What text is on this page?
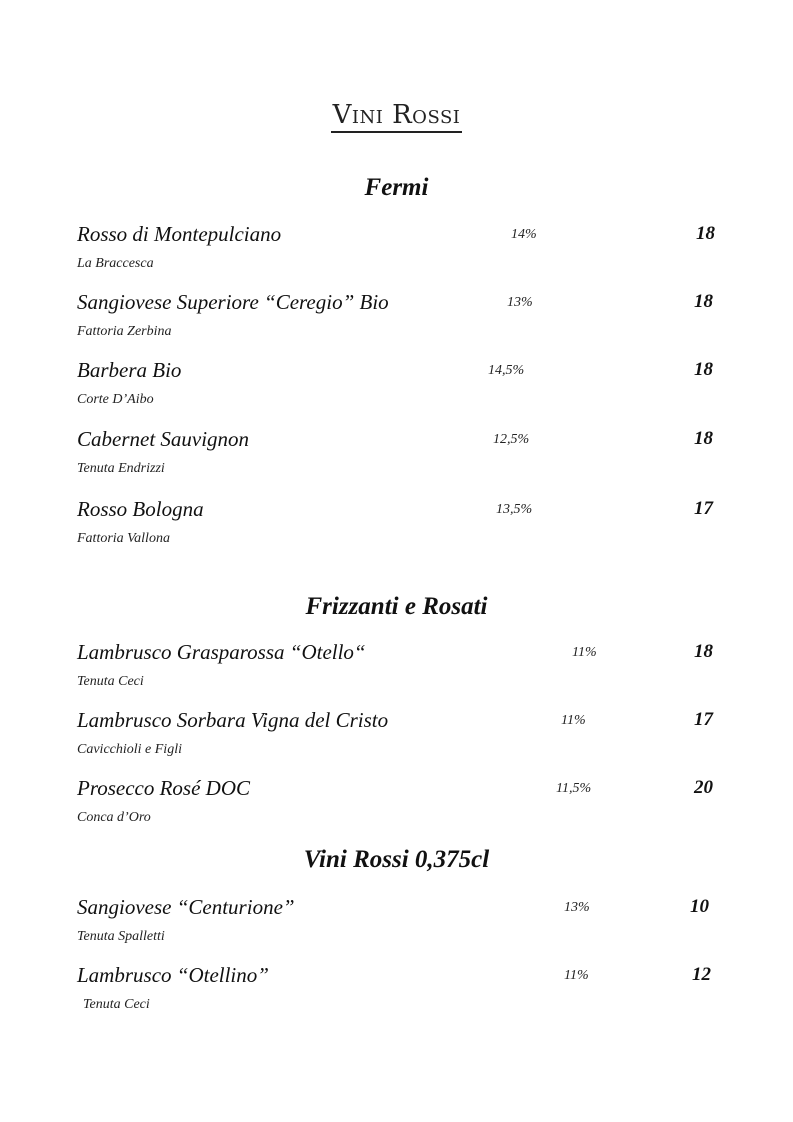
Vini Rossi
Fermi
Rosso di Montepulciano	14%	18
La Braccesca
Sangiovese Superiore “Ceregio” Bio	13%	18
Fattoria Zerbina
Barbera Bio	14,5%	18
Corte D’Aibo
Cabernet Sauvignon	12,5%	18
Tenuta Endrizzi
Rosso Bologna	13,5%	17
Fattoria Vallona
Frizzanti e Rosati
Lambrusco Grasparossa “Otello“	11%	18
Tenuta Ceci
Lambrusco Sorbara Vigna del Cristo	11%	17
Cavicchioli e Figli
Prosecco Rosé DOC	11,5%	20
Conca d’Oro
Vini Rossi 0,375cl
Sangiovese “Centurione”	13%	10
Tenuta Spalletti
Lambrusco “Otellino”	11%	12
Tenuta Ceci
